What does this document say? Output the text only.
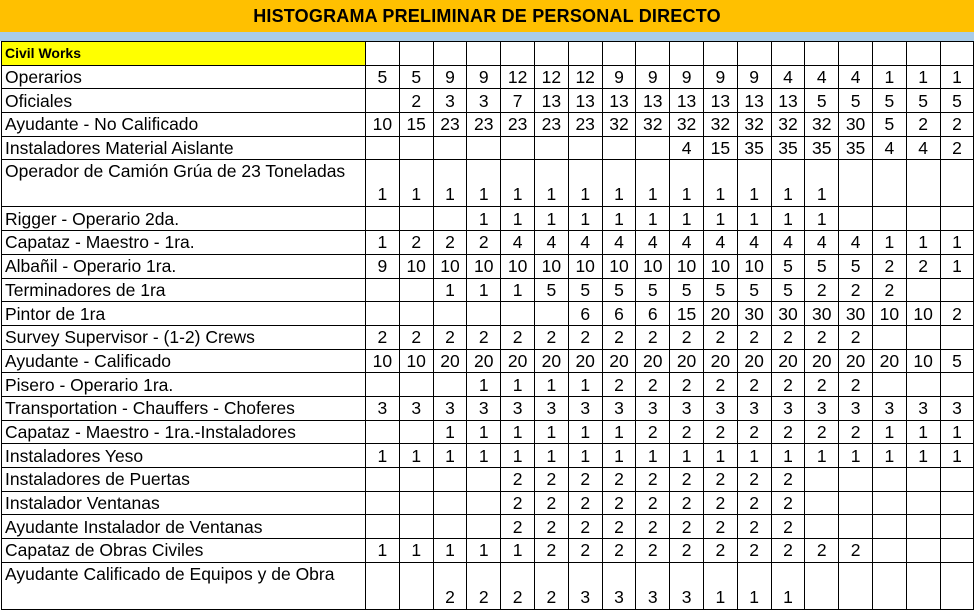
HISTOGRAMA PRELIMINAR DE PERSONAL DIRECTO
Civil Works																		
Operarios	5	5	9	9	12	12	12	9	9	9	9	9	4	4	4	1	1	1
Oficiales		2	3	3	7	13	13	13	13	13	13	13	13	5	5	5	5	5
Ayudante - No Calificado	10	15	23	23	23	23	23	32	32	32	32	32	32	32	30	5	2	2
Instaladores Material Aislante										4	15	35	35	35	35	4	4	2
Operador de Camión Grúa de 23 Toneladas	1	1	1	1	1	1	1	1	1	1	1	1	1	1				
Rigger - Operario 2da.				1	1	1	1	1	1	1	1	1	1	1				
Capataz - Maestro - 1ra.	1	2	2	2	4	4	4	4	4	4	4	4	4	4	4	1	1	1
Albañil - Operario 1ra.	9	10	10	10	10	10	10	10	10	10	10	10	5	5	5	2	2	1
Terminadores de 1ra			1	1	1	5	5	5	5	5	5	5	5	2	2	2		
Pintor de 1ra							6	6	6	15	20	30	30	30	30	10	10	2
Survey Supervisor - (1-2) Crews	2	2	2	2	2	2	2	2	2	2	2	2	2	2	2			
Ayudante - Calificado	10	10	20	20	20	20	20	20	20	20	20	20	20	20	20	20	10	5
Pisero - Operario 1ra.				1	1	1	1	2	2	2	2	2	2	2	2			
Transportation - Chauffers - Choferes	3	3	3	3	3	3	3	3	3	3	3	3	3	3	3	3	3	3
Capataz - Maestro - 1ra.-Instaladores			1	1	1	1	1	1	2	2	2	2	2	2	2	1	1	1
Instaladores Yeso	1	1	1	1	1	1	1	1	1	1	1	1	1	1	1	1	1	1
Instaladores de Puertas					2	2	2	2	2	2	2	2	2					
Instalador Ventanas					2	2	2	2	2	2	2	2	2					
Ayudante Instalador de Ventanas					2	2	2	2	2	2	2	2	2					
Capataz de Obras Civiles	1	1	1	1	1	2	2	2	2	2	2	2	2	2	2			
Ayudante Calificado de Equipos y de Obra			2	2	2	2	3	3	3	3	1	1	1					
